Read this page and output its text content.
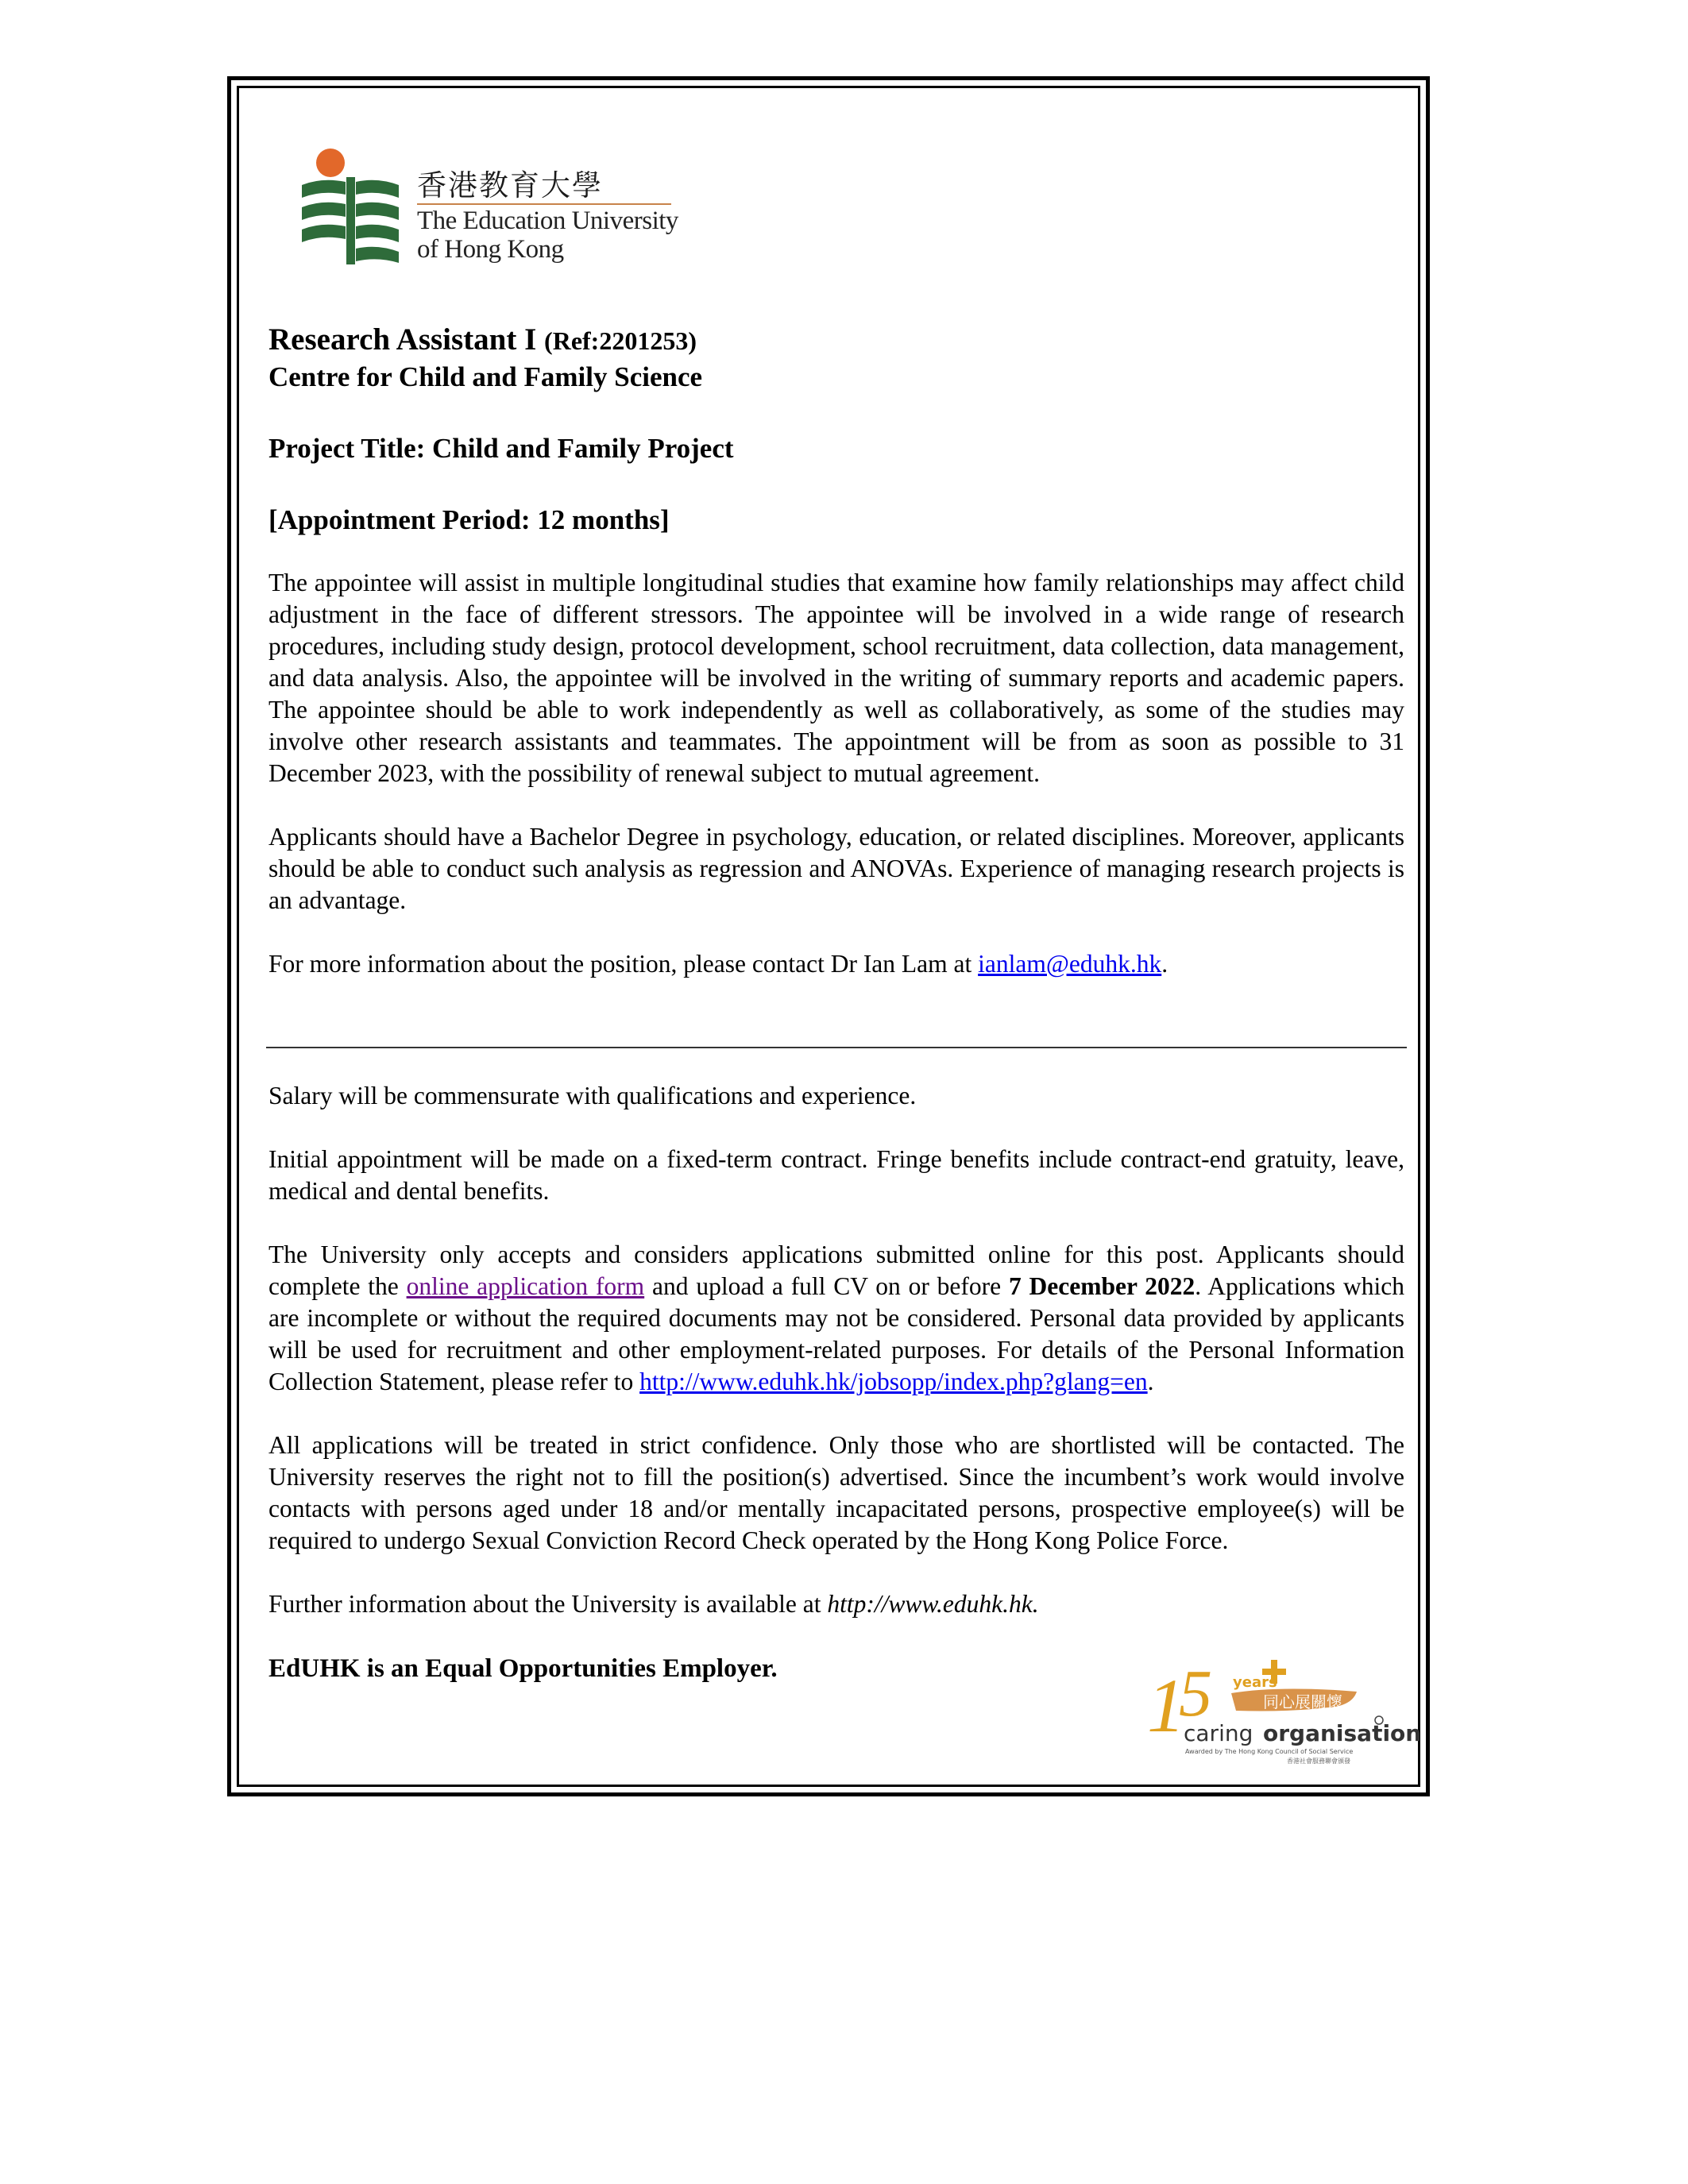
香港教育大學
The Education University
of Hong Kong
Research Assistant I (Ref:2201253)
Centre for Child and Family Science
Project Title: Child and Family Project
[Appointment Period: 12 months]

The appointee will assist in multiple longitudinal studies that examine how family relationships may affect child adjustment in the face of different stressors. The appointee will be involved in a wide range of research procedures, including study design, protocol development, school recruitment, data collection, data management, and data analysis. Also, the appointee will be involved in the writing of summary reports and academic papers. The appointee should be able to work independently as well as collaboratively, as some of the studies may involve other research assistants and teammates. The appointment will be from as soon as possible to 31 December 2023, with the possibility of renewal subject to mutual agreement.

Applicants should have a Bachelor Degree in psychology, education, or related disciplines. Moreover, applicants should be able to conduct such analysis as regression and ANOVAs. Experience of managing research projects is an advantage.

For more information about the position, please contact Dr Ian Lam at ianlam@eduhk.hk.

Salary will be commensurate with qualifications and experience.

Initial appointment will be made on a fixed-term contract. Fringe benefits include contract-end gratuity, leave, medical and dental benefits.

The University only accepts and considers applications submitted online for this post. Applicants should complete the online application form and upload a full CV on or before 7 December 2022. Applications which are incomplete or without the required documents may not be considered. Personal data provided by applicants will be used for recruitment and other employment-related purposes. For details of the Personal Information Collection Statement, please refer to http://www.eduhk.hk/jobsopp/index.php?glang=en.

All applications will be treated in strict confidence. Only those who are shortlisted will be contacted. The University reserves the right not to fill the position(s) advertised. Since the incumbent’s work would involve contacts with persons aged under 18 and/or mentally incapacitated persons, prospective employee(s) will be required to undergo Sexual Conviction Record Check operated by the Hong Kong Police Force.

Further information about the University is available at http://www.eduhk.hk.

EdUHK is an Equal Opportunities Employer.	1
5 years
同心展關懷
caring organisation
Awarded by The Hong Kong Council of Social Service
香港社會服務聯會頒發
